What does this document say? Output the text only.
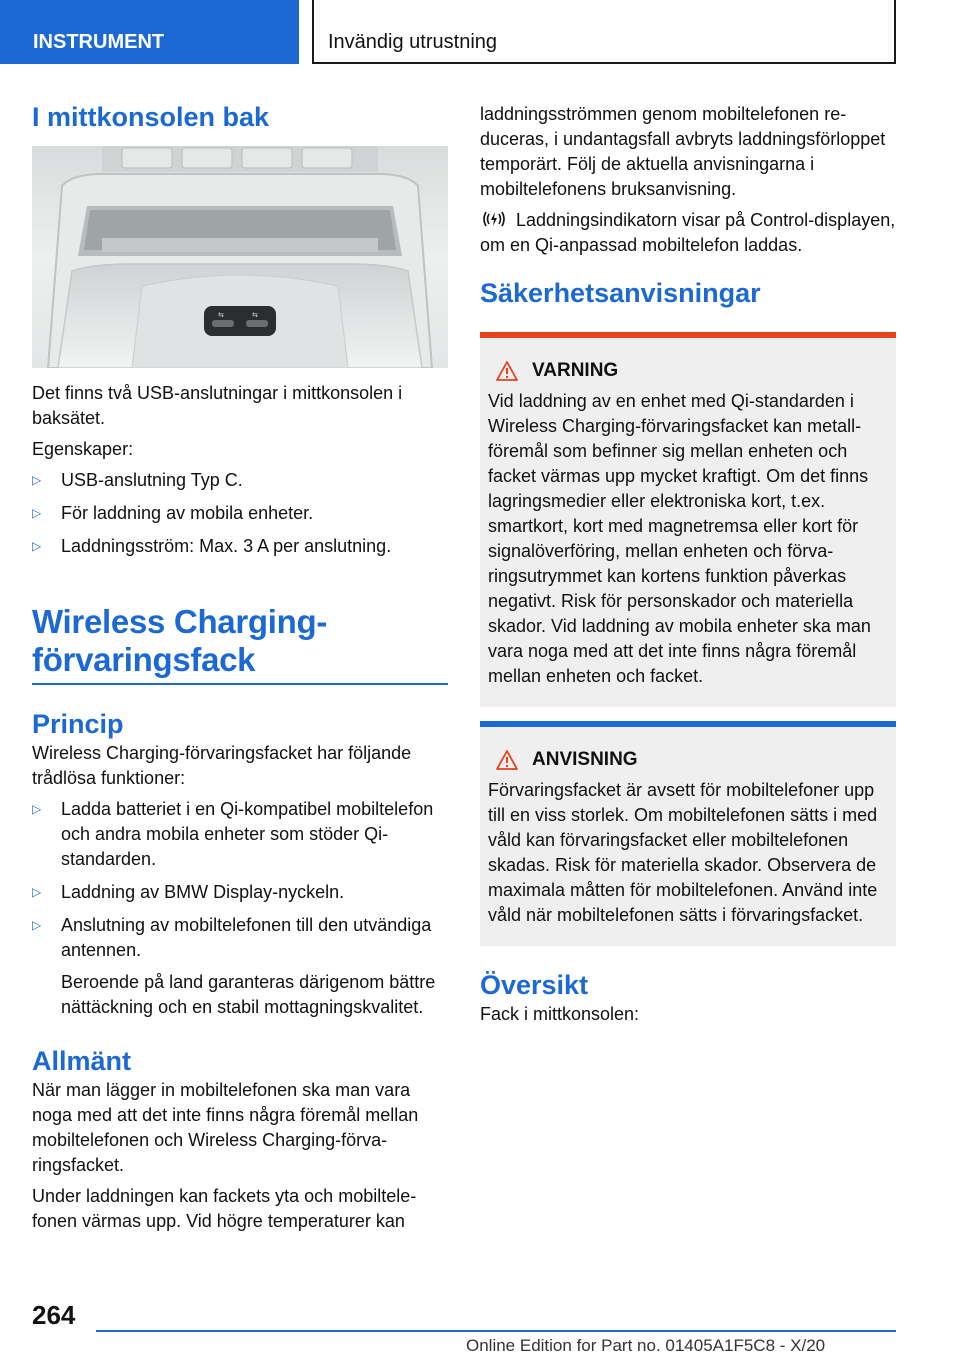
INSTRUMENT	Invändig utrustning
I mittkonsolen bak
⇆	⇆

Det finns två USB-anslutningar i mittkonsolen i baksätet.

Egenskaper:

▷ USB-anslutning Typ C.
▷ För laddning av mobila enheter.
▷ Laddningsström: Max. 3 A per anslutning.
Wireless Charging-
förvaringsfack
Princip

Wireless Charging-förvaringsfacket har följande trådlösa funktioner:

▷ Ladda batteriet i en Qi-kompatibel mobiltelefon och andra mobila enheter som stöder Qi-standarden.
▷ Laddning av BMW Display-nyckeln.
▷ Anslutning av mobiltelefonen till den utvändiga antennen.
Beroende på land garanteras därigenom bättre nättäckning och en stabil mottagningskvalitet.
Allmänt

När man lägger in mobiltelefonen ska man vara noga med att det inte finns några föremål mellan mobiltelefonen och Wireless Charging-förvaringsfacket.

Under laddningen kan fackets yta och mobiltelefonen värmas upp. Vid högre temperaturer kan

laddningsströmmen genom mobiltelefonen reduceras, i undantagsfall avbryts laddningsförloppet temporärt. Följ de aktuella anvisningarna i mobiltelefonens bruksanvisning.

Laddningsindikatorn visar på Control-displayen, om en Qi-anpassad mobiltelefon laddas.

Säkerhetsanvisningar
VARNING

Vid laddning av en enhet med Qi-standarden i Wireless Charging-förvaringsfacket kan metallföremål som befinner sig mellan enheten och facket värmas upp mycket kraftigt. Om det finns lagringsmedier eller elektroniska kort, t.ex. smartkort, kort med magnetremsa eller kort för signalöverföring, mellan enheten och förvaringsutrymmet kan kortens funktion påverkas negativt. Risk för personskador och materiella skador. Vid laddning av mobila enheter ska man vara noga med att det inte finns några föremål mellan enheten och facket.

ANVISNING

Förvaringsfacket är avsett för mobiltelefoner upp till en viss storlek. Om mobiltelefonen sätts i med våld kan förvaringsfacket eller mobiltelefonen skadas. Risk för materiella skador. Observera de maximala måtten för mobiltelefonen. Använd inte våld när mobiltelefonen sätts i förvaringsfacket.

Översikt

Fack i mittkonsolen:

264
Online Edition for Part no. 01405A1F5C8 - X/20
